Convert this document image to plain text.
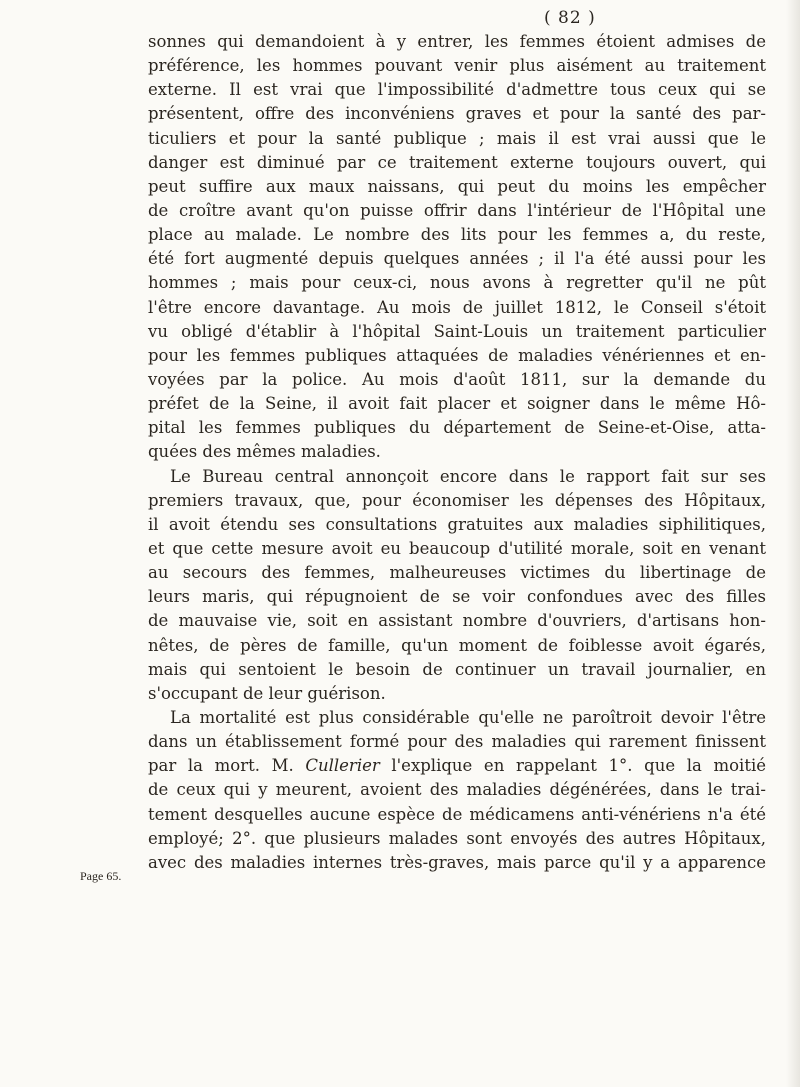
( 82 )
Page 65.
sonnes qui demandoient à y entrer, les femmes étoient admises de
préférence, les hommes pouvant venir plus aisément au traitement
externe. Il est vrai que l'impossibilité d'admettre tous ceux qui se
présentent, offre des inconvéniens graves et pour la santé des par-
ticuliers et pour la santé publique ; mais il est vrai aussi que le
danger est diminué par ce traitement externe toujours ouvert, qui
peut suffire aux maux naissans, qui peut du moins les empêcher
de croître avant qu'on puisse offrir dans l'intérieur de l'Hôpital une
place au malade. Le nombre des lits pour les femmes a, du reste,
été fort augmenté depuis quelques années ; il l'a été aussi pour les
hommes ; mais pour ceux-ci, nous avons à regretter qu'il ne pût
l'être encore davantage. Au mois de juillet 1812, le Conseil s'étoit
vu obligé d'établir à l'hôpital Saint-Louis un traitement particulier
pour les femmes publiques attaquées de maladies vénériennes et en-
voyées par la police. Au mois d'août 1811, sur la demande du
préfet de la Seine, il avoit fait placer et soigner dans le même Hô-
pital les femmes publiques du département de Seine-et-Oise, atta-
quées des mêmes maladies.
Le Bureau central annonçoit encore dans le rapport fait sur ses
premiers travaux, que, pour économiser les dépenses des Hôpitaux,
il avoit étendu ses consultations gratuites aux maladies siphilitiques,
et que cette mesure avoit eu beaucoup d'utilité morale, soit en venant
au secours des femmes, malheureuses victimes du libertinage de
leurs maris, qui répugnoient de se voir confondues avec des filles
de mauvaise vie, soit en assistant nombre d'ouvriers, d'artisans hon-
nêtes, de pères de famille, qu'un moment de foiblesse avoit égarés,
mais qui sentoient le besoin de continuer un travail journalier, en
s'occupant de leur guérison.
La mortalité est plus considérable qu'elle ne paroîtroit devoir l'être
dans un établissement formé pour des maladies qui rarement finissent
par la mort. M. Cullerier l'explique en rappelant 1°. que la moitié
de ceux qui y meurent, avoient des maladies dégénérées, dans le trai-
tement desquelles aucune espèce de médicamens anti-vénériens n'a été
employé; 2°. que plusieurs malades sont envoyés des autres Hôpitaux,
avec des maladies internes très-graves, mais parce qu'il y a apparence
